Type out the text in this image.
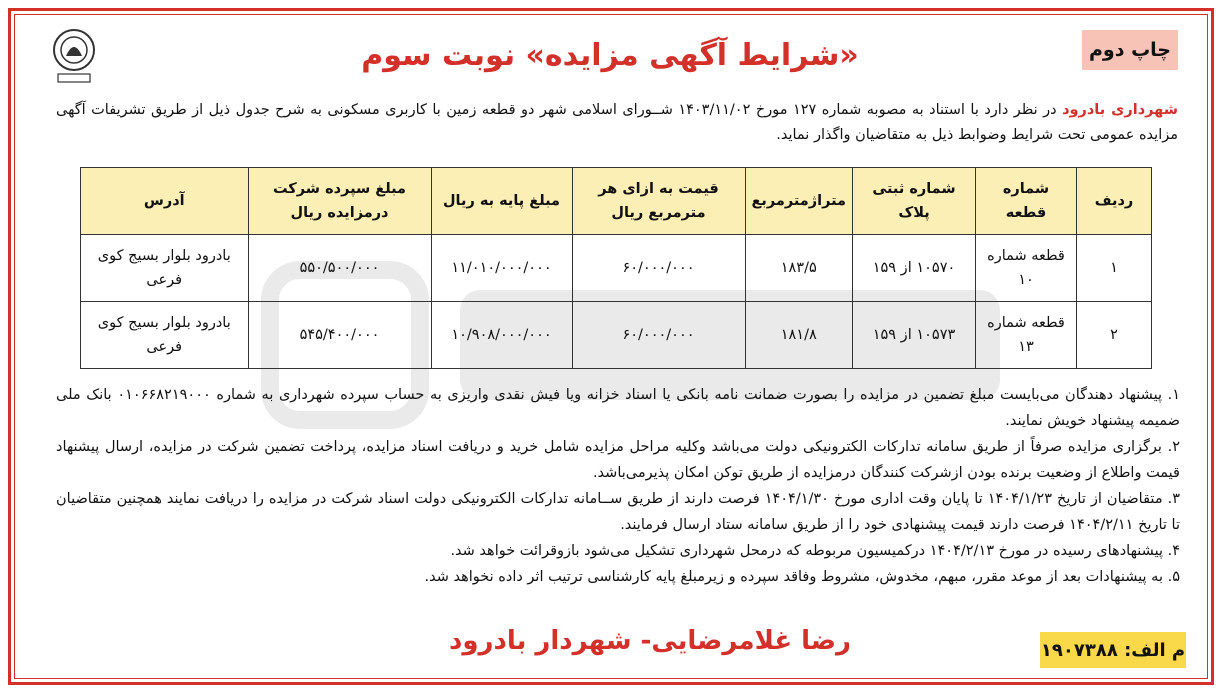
چاپ دوم
«شرایط آگهی مزایده» نوبت سوم

شهرداری بادرود در نظر دارد با استناد به مصوبه شماره ۱۲۷ مورخ ۱۴۰۳/۱۱/۰۲ شــورای اسلامی شهر دو قطعه زمین با کاربری مسکونی به شرح جدول ذیل از طریق تشریفات آگهی مزایده عمومی تحت شرایط وضوابط ذیل به متقاضیان واگذار نماید.

ردیف	شماره قطعه	شماره ثبتی پلاک	متراژمترمربع	قیمت به ازای هر مترمربع ریال	مبلغ پایه به ریال	مبلغ سپرده شرکت درمزایده ریال	آدرس
۱	قطعه شماره ۱۰	۱۰۵۷۰ از ۱۵۹	۱۸۳/۵	۶۰/۰۰۰/۰۰۰	۱۱/۰۱۰/۰۰۰/۰۰۰	۵۵۰/۵۰۰/۰۰۰	بادرود بلوار بسیج کوی فرعی
۲	قطعه شماره ۱۳	۱۰۵۷۳ از ۱۵۹	۱۸۱/۸	۶۰/۰۰۰/۰۰۰	۱۰/۹۰۸/۰۰۰/۰۰۰	۵۴۵/۴۰۰/۰۰۰	بادرود بلوار بسیج کوی فرعی
۱. پیشنهاد دهندگان می‌بایست مبلغ تضمین در مزایده را بصورت ضمانت نامه بانکی یا اسناد خزانه ویا فیش نقدی واریزی به حساب سپرده شهرداری به شماره ۰۱۰۶۶۸۲۱۹۰۰۰ بانک ملی ضمیمه پیشنهاد خویش نمایند.
۲. برگزاری مزایده صرفاً از طریق سامانه تدارکات الکترونیکی دولت می‌باشد وکلیه مراحل مزایده شامل خرید و دریافت اسناد مزایده، پرداخت تضمین شرکت در مزایده، ارسال پیشنهاد قیمت واطلاع از وضعیت برنده بودن ازشرکت کنندگان درمزایده از طریق توکن امکان پذیرمی‌باشد.
۳. متقاضیان از تاریخ ۱۴۰۴/۱/۲۳ تا پایان وقت اداری مورخ ۱۴۰۴/۱/۳۰ فرصت دارند از طریق ســامانه تدارکات الکترونیکی دولت اسناد شرکت در مزایده را دریافت نمایند همچنین متقاضیان تا تاریخ ۱۴۰۴/۲/۱۱ فرصت دارند قیمت پیشنهادی خود را از طریق سامانه ستاد ارسال فرمایند.
۴. پیشنهادهای رسیده در مورخ ۱۴۰۴/۲/۱۳ درکمیسیون مربوطه که درمحل شهرداری تشکیل می‌شود بازوقرائت خواهد شد.
۵. به پیشنهادات بعد از موعد مقرر، مبهم، مخدوش، مشروط وفاقد سپرده و زیرمبلغ پایه کارشناسی ترتیب اثر داده نخواهد شد.
رضا غلامرضایی- شهردار بادرود	م الف: ۱۹۰۷۳۸۸
